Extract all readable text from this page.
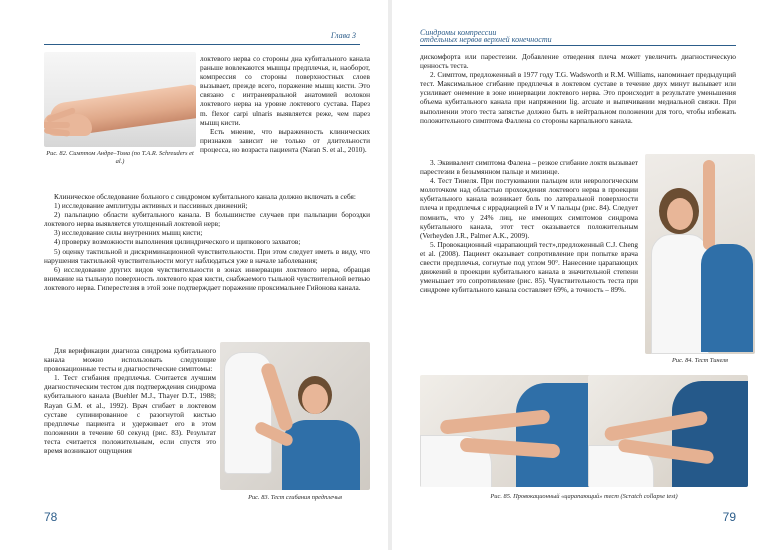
Глава 3
Рис. 82. Симптом Андре–Тома (по T.A.R. Schreuders et al.)

локтевого нерва со стороны дна кубитального канала раньше вовлекаются мышцы предплечья, и, наоборот, компрессия со стороны поверхностных слоев вызывает, прежде всего, поражение мышц кисти. Это связано с интраневральной анатомией волокон локтевого нерва на уровне локтевого сустава. Парез m. flexor carpi ulnaris выявляется реже, чем парез мышц кисти.

Есть мнение, что выраженность клинических признаков зависит не только от длительности процесса, но возраста пациента (Naran S. et al., 2010).

Клиническое обследование больного с синдромом кубитального канала должно включать в себя:

1) исследование амплитуды активных и пассивных движений;

2) пальпацию области кубитального канала. В большинстве случаев при пальпации бороздки локтевого нерва выявляется утолщенный локтевой нерв;

3) исследование силы внутренних мышц кисти;

4) проверку возможности выполнения цилиндрического и щипкового захватов;

5) оценку тактильной и дискриминационной чувствительности. При этом следует иметь в виду, что нарушения тактильной чувствительности могут наблюдаться уже в начале заболевания;

6) исследование других видов чувствительности в зонах иннервации локтевого нерва, обращая внимание на тыльную поверхность локтевого края кисти, снабжаемого тыльной чувствительной ветвью локтевого нерва. Гиперестезия в этой зоне подтверждает поражение проксимальнее Гийонова канала.

Для верификации диагноза синдрома кубитального канала можно использовать следующие провокационные тесты и диагностические симптомы:

1. Тест сгибания предплечья. Считается лучшим диагностическим тестом для подтверждения синдрома кубитального канала (Buehler M.J., Thayer D.T., 1988; Rayan G.M. et al., 1992). Врач сгибает в локтевом суставе супинированное с разогнутой кистью предплечье пациента и удерживает его в этом положении в течение 60 секунд (рис. 83). Результат теста считается положительным, если спустя это время возникают ощущения

Рис. 83. Тест сгибания предплечья
78
Синдромы компрессии
отдельных нервов верхней конечности

дискомфорта или парестезии. Добавление отведения плеча может увеличить диагностическую ценность теста.

2. Симптом, предложенный в 1977 году T.G. Wadsworth и R.M. Williams, напоминает предыдущий тест. Максимальное сгибание предплечья в локтевом суставе в течение двух минут вызывает или усиливает онемение в зоне иннервации локтевого нерва. Это происходит в результате уменьшения объема кубитального канала при напряжении lig. arcuate и выпячивании медиальной связки. При выполнении этого теста запястье должно быть в нейтральном положении для того, чтобы избежать положительного симптома Фаллена со стороны карпального канала.

3. Эквивалент симптома Фалена – резкое сгибание локтя вызывает парестезии в безымянном пальце и мизинце.

4. Тест Тинеля. При постукивании пальцем или неврологическим молоточком над областью прохождения локтевого нерва в проекции кубитального канала возникает боль по латеральной поверхности плеча и предплечья с иррадиацией в IV и V пальцы (рис. 84). Следует помнить, что у 24% лиц, не имеющих симптомов синдрома кубитального канала, этот тест оказывается положительным (Verheyden J.R., Palmer A.K., 2009).

5. Провокационный «царапающий тест»,предложенный C.J. Cheng et al. (2008). Пациент оказывает сопротивление при попытке врача свести предплечья, согнутые под углом 90°. Нанесение царапающих движений в проекции кубитального канала в значительной степени уменьшает это сопротивление (рис. 85). Чувствительность теста при синдроме кубитального канала составляет 69%, а точность – 89%.

Рис. 84. Тест Тинеля
Рис. 85. Провокационный «царапающий» тест (Scratch collapse test)
79
